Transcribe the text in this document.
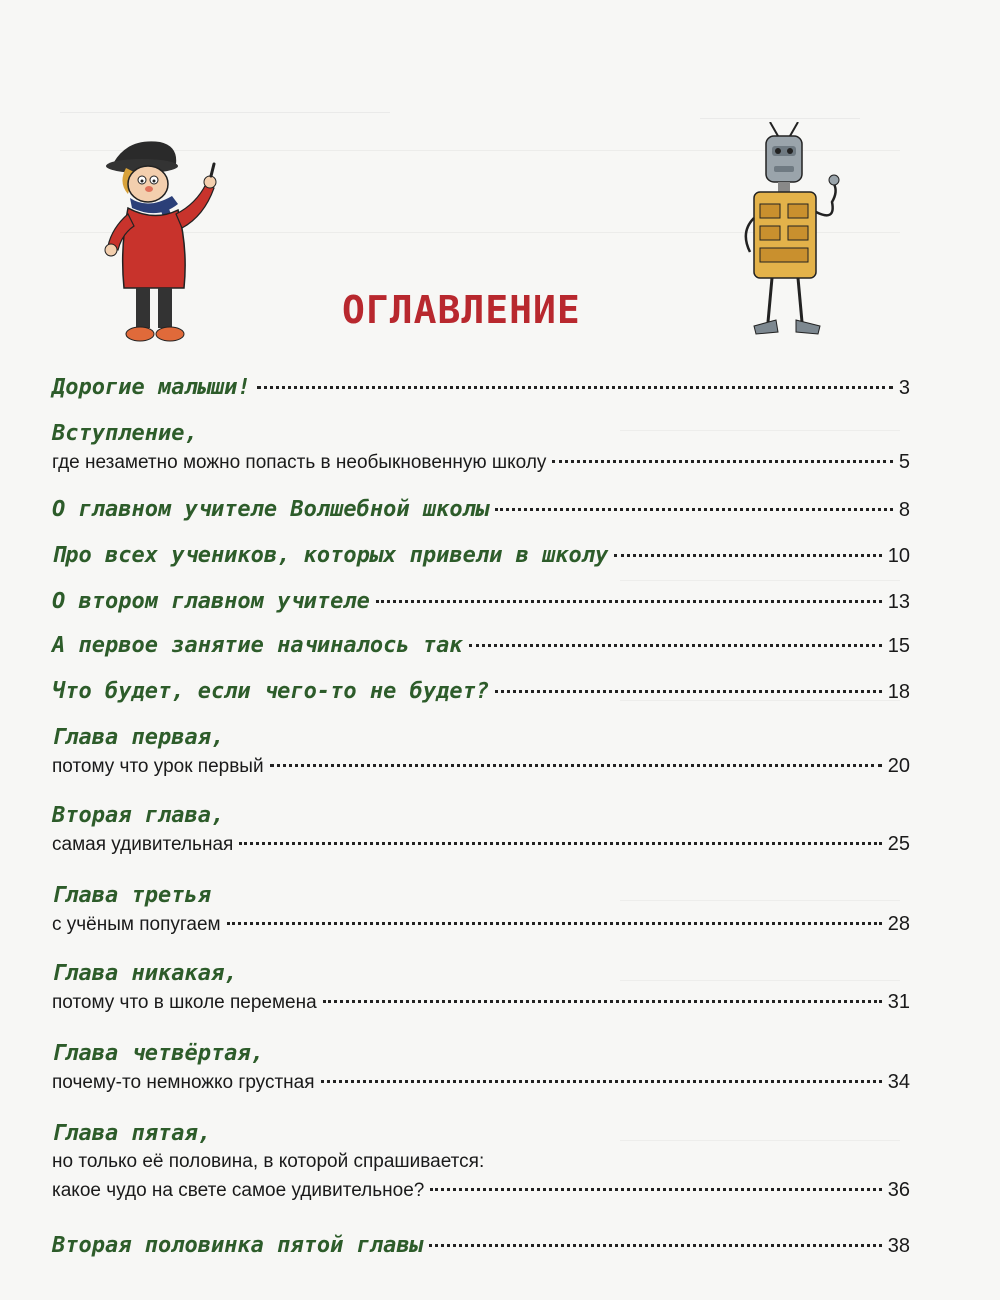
ОГЛАВЛЕНИЕ
Дорогие малыши!	3
Вступление,
где незаметно можно попасть в необыкновенную школу	5
О главном учителе Волшебной школы	8
Про всех учеников, которых привели в школу	10
О втором главном учителе	13
А первое занятие начиналось так	15
Что будет, если чего-то не будет?	18
Глава первая,
потому что урок первый	20
Вторая глава,
самая удивительная	25
Глава третья
с учёным попугаем	28
Глава никакая,
потому что в школе перемена	31
Глава четвёртая,
почему-то немножко грустная	34
Глава пятая,
но только её половина, в которой спрашивается:
какое чудо на свете самое удивительное?	36
Вторая половинка пятой главы	38
